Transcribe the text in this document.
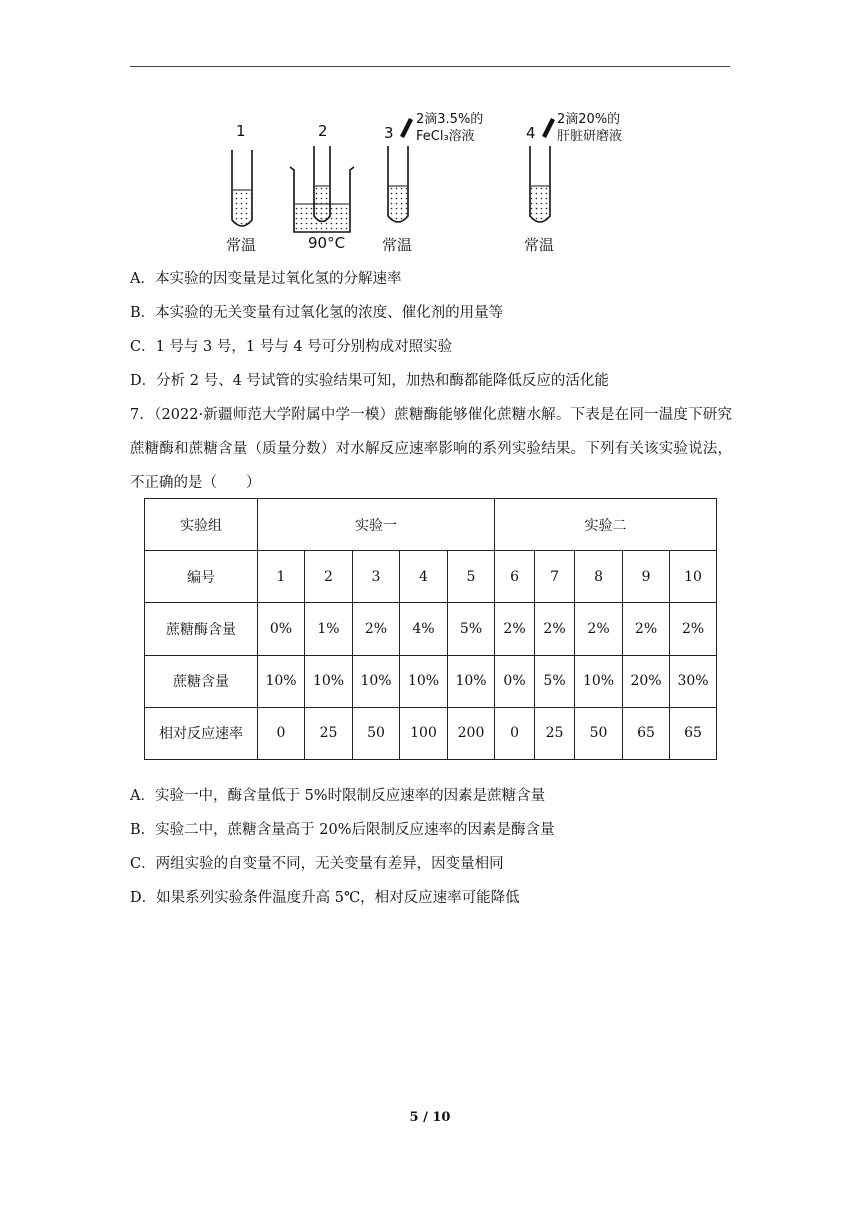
1	2	3	4
2滴3.5%的
FeCl₃溶液
2滴20%的
肝脏研磨液
常温	90°C 常温	常温
A．本实验的因变量是过氧化氢的分解速率
B．本实验的无关变量有过氧化氢的浓度、催化剂的用量等
C．1 号与 3 号，1 号与 4 号可分别构成对照实验
D．分析 2 号、4 号试管的实验结果可知，加热和酶都能降低反应的活化能
7．（2022·新疆师范大学附属中学一模）蔗糖酶能够催化蔗糖水解。下表是在同一温度下研究蔗糖酶和蔗糖含量（质量分数）对水解反应速率影响的系列实验结果。下列有关该实验说法，不正确的是（　　）
实验组	实验一					实验二				
编号	1	2	3	4	5	6	7	8	9	10
蔗糖酶含量	0%	1%	2%	4%	5%	2%	2%	2%	2%	2%
蔗糖含量	10%	10%	10%	10%	10%	0%	5%	10%	20%	30%
相对反应速率	0	25	50	100	200	0	25	50	65	65
A．实验一中，酶含量低于 5%时限制反应速率的因素是蔗糖含量
B．实验二中，蔗糖含量高于 20%后限制反应速率的因素是酶含量
C．两组实验的自变量不同，无关变量有差异，因变量相同
D．如果系列实验条件温度升高 5℃，相对反应速率可能降低
5 / 10
